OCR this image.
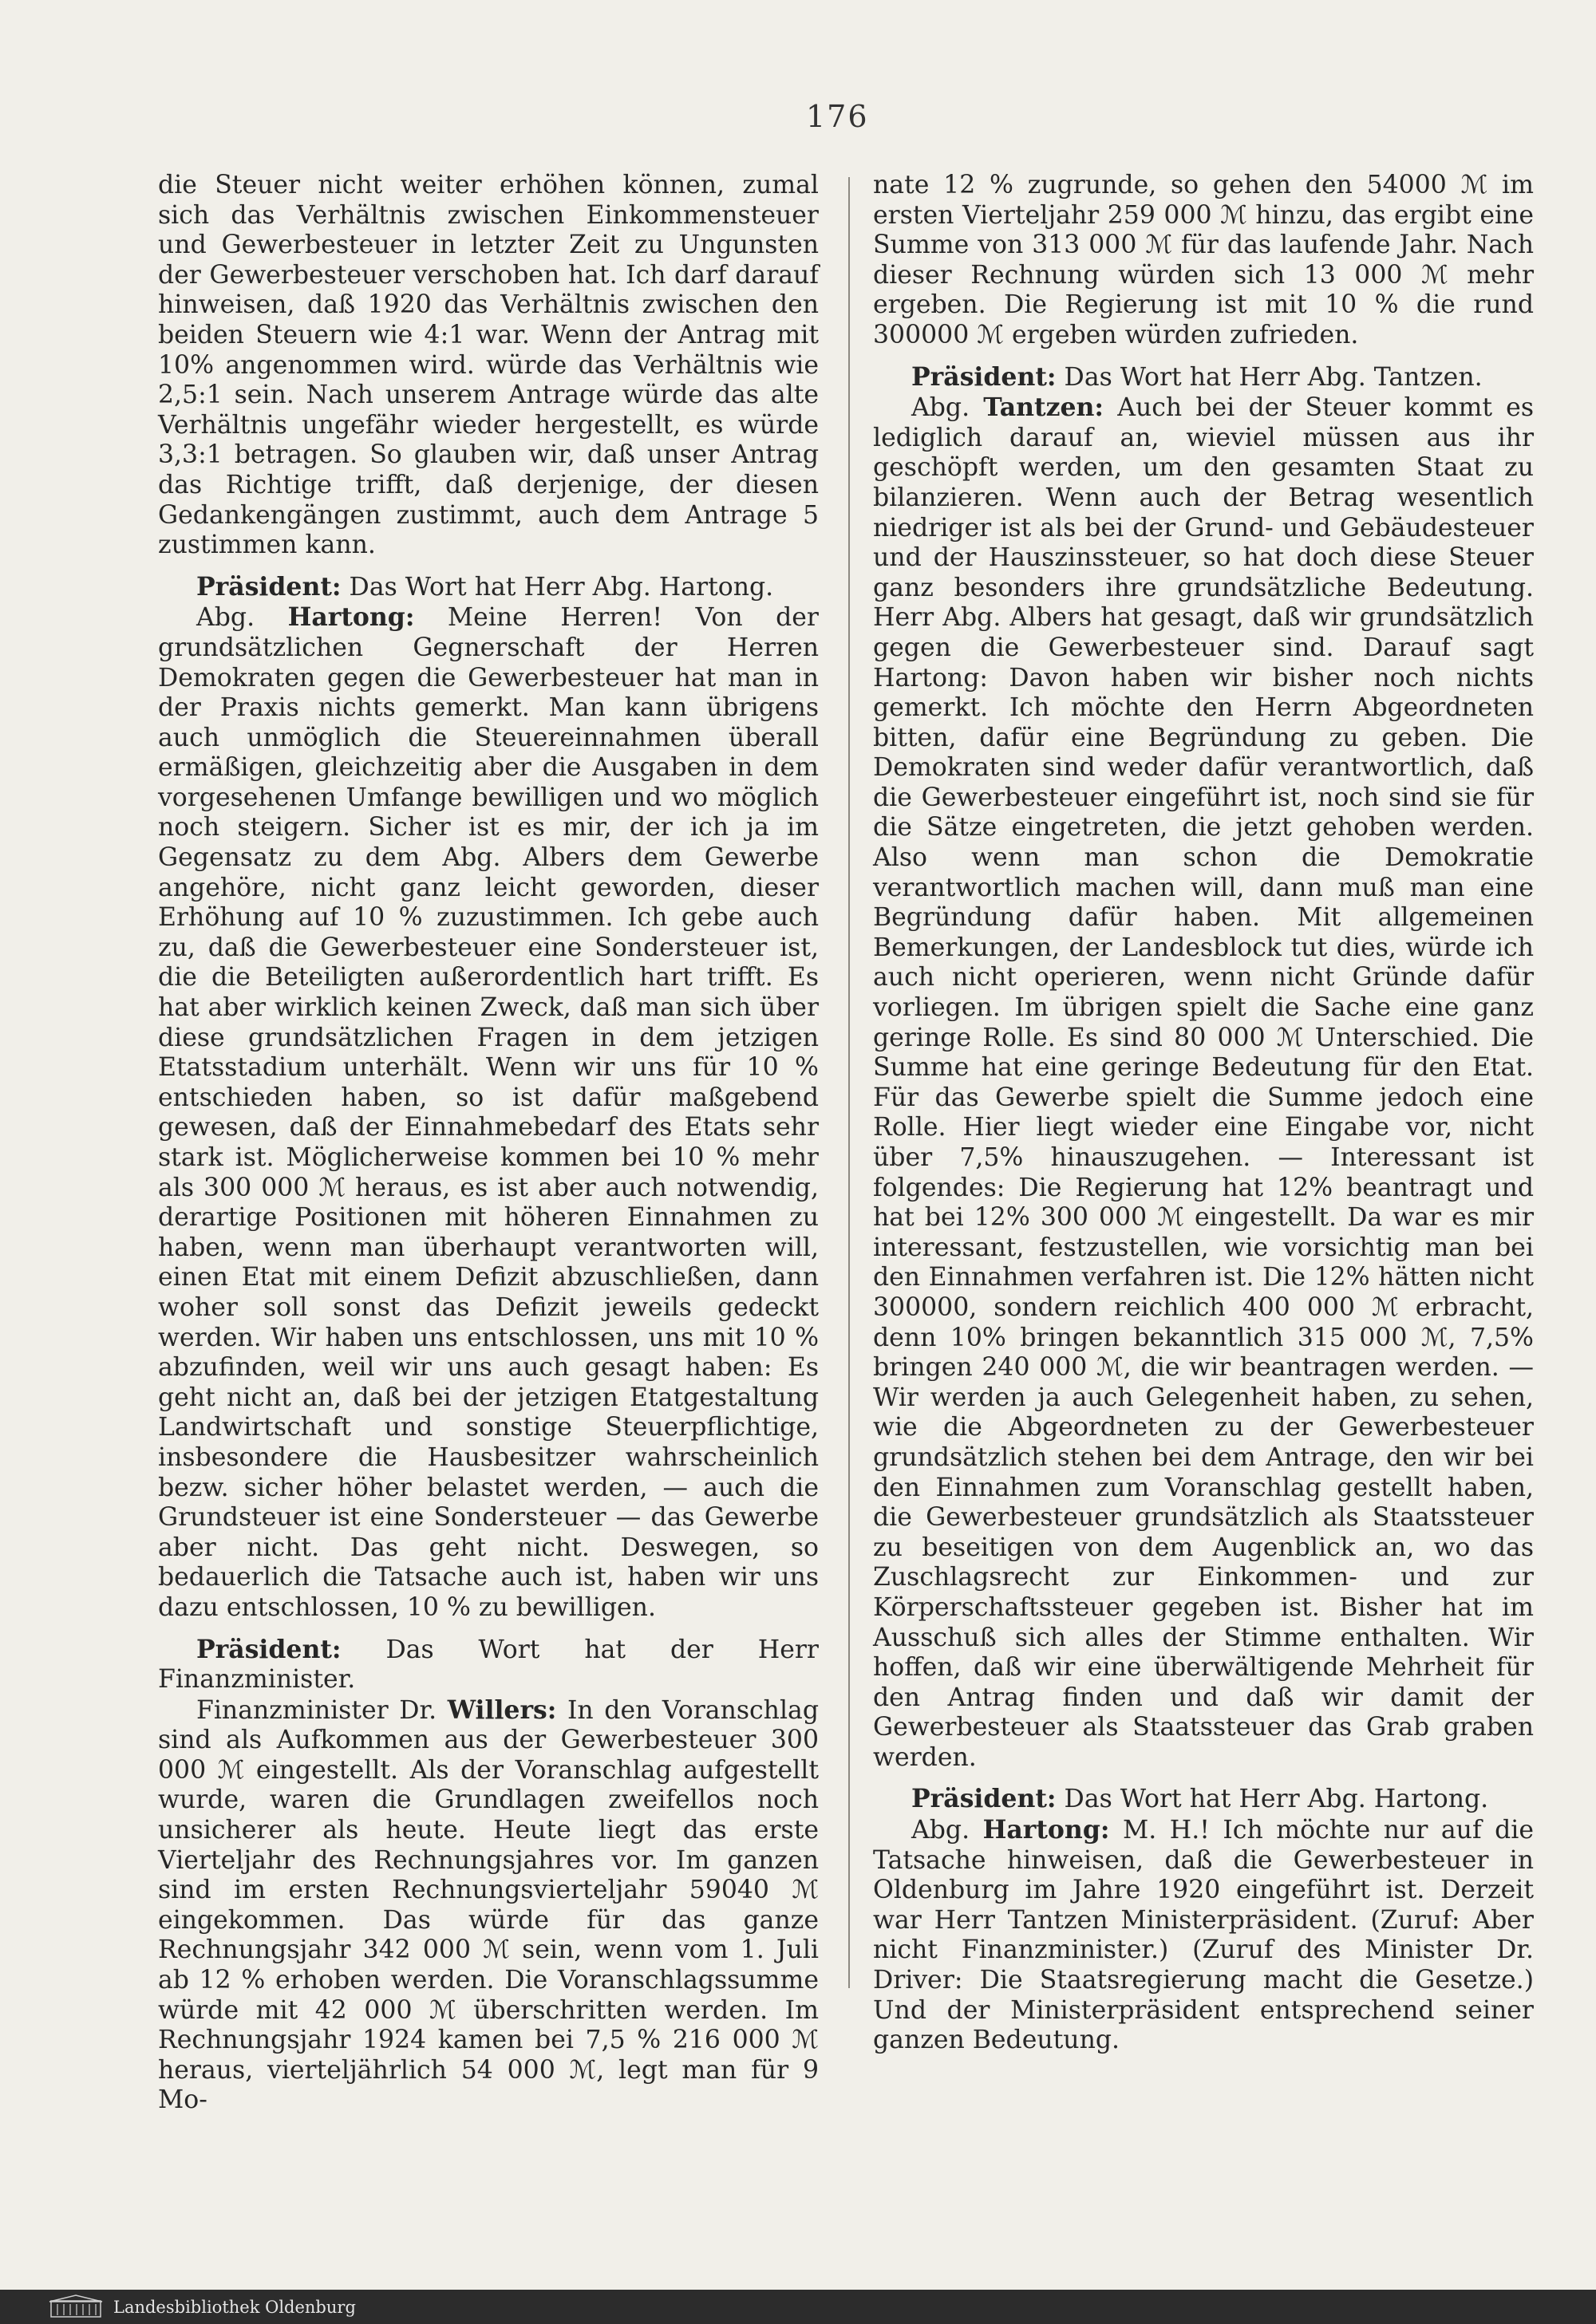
176

die Steuer nicht weiter erhöhen können, zumal sich das Verhältnis zwischen Einkommensteuer und Gewerbesteuer in letzter Zeit zu Ungunsten der Gewerbesteuer verschoben hat. Ich darf darauf hinweisen, daß 1920 das Verhältnis zwischen den beiden Steuern wie 4:1 war. Wenn der Antrag mit 10% angenommen wird. würde das Verhältnis wie 2,5:1 sein. Nach unserem Antrage würde das alte Verhältnis ungefähr wieder hergestellt, es würde 3,3:1 betragen. So glauben wir, daß unser Antrag das Richtige trifft, daß derjenige, der diesen Gedankengängen zustimmt, auch dem Antrage 5 zustimmen kann.

Präsident: Das Wort hat Herr Abg. Hartong.

Abg. Hartong: Meine Herren! Von der grundsätzlichen Gegnerschaft der Herren Demokraten gegen die Gewerbesteuer hat man in der Praxis nichts gemerkt. Man kann übrigens auch unmöglich die Steuereinnahmen überall ermäßigen, gleichzeitig aber die Ausgaben in dem vorgesehenen Umfange bewilligen und wo möglich noch steigern. Sicher ist es mir, der ich ja im Gegensatz zu dem Abg. Albers dem Gewerbe angehöre, nicht ganz leicht geworden, dieser Erhöhung auf 10 % zuzustimmen. Ich gebe auch zu, daß die Gewerbesteuer eine Sondersteuer ist, die die Beteiligten außerordentlich hart trifft. Es hat aber wirklich keinen Zweck, daß man sich über diese grundsätzlichen Fragen in dem jetzigen Etatsstadium unterhält. Wenn wir uns für 10 % entschieden haben, so ist dafür maßgebend gewesen, daß der Einnahmebedarf des Etats sehr stark ist. Möglicherweise kommen bei 10 % mehr als 300 000 ℳ heraus, es ist aber auch notwendig, derartige Positionen mit höheren Einnahmen zu haben, wenn man überhaupt verantworten will, einen Etat mit einem Defizit abzuschließen, dann woher soll sonst das Defizit jeweils gedeckt werden. Wir haben uns entschlossen, uns mit 10 % abzufinden, weil wir uns auch gesagt haben: Es geht nicht an, daß bei der jetzigen Etatgestaltung Landwirtschaft und sonstige Steuerpflichtige, insbesondere die Hausbesitzer wahrscheinlich bezw. sicher höher belastet werden, — auch die Grundsteuer ist eine Sondersteuer — das Gewerbe aber nicht. Das geht nicht. Deswegen, so bedauerlich die Tatsache auch ist, haben wir uns dazu entschlossen, 10 % zu bewilligen.

Präsident: Das Wort hat der Herr Finanzminister.

Finanzminister Dr. Willers: In den Voranschlag sind als Aufkommen aus der Gewerbesteuer 300 000 ℳ eingestellt. Als der Voranschlag aufgestellt wurde, waren die Grundlagen zweifellos noch unsicherer als heute. Heute liegt das erste Vierteljahr des Rechnungsjahres vor. Im ganzen sind im ersten Rechnungsvierteljahr 59040 ℳ eingekommen. Das würde für das ganze Rechnungsjahr 342 000 ℳ sein, wenn vom 1. Juli ab 12 % erhoben werden. Die Voranschlagssumme würde mit 42 000 ℳ überschritten werden. Im Rechnungsjahr 1924 kamen bei 7,5 % 216 000 ℳ heraus, vierteljährlich 54 000 ℳ, legt man für 9 Mo-

nate 12 % zugrunde, so gehen den 54000 ℳ im ersten Vierteljahr 259 000 ℳ hinzu, das ergibt eine Summe von 313 000 ℳ für das laufende Jahr. Nach dieser Rechnung würden sich 13 000 ℳ mehr ergeben. Die Regierung ist mit 10 % die rund 300000 ℳ ergeben würden zufrieden.

Präsident: Das Wort hat Herr Abg. Tantzen.

Abg. Tantzen: Auch bei der Steuer kommt es lediglich darauf an, wieviel müssen aus ihr geschöpft werden, um den gesamten Staat zu bilanzieren. Wenn auch der Betrag wesentlich niedriger ist als bei der Grund- und Gebäudesteuer und der Hauszinssteuer, so hat doch diese Steuer ganz besonders ihre grundsätzliche Bedeutung. Herr Abg. Albers hat gesagt, daß wir grundsätzlich gegen die Gewerbesteuer sind. Darauf sagt Hartong: Davon haben wir bisher noch nichts gemerkt. Ich möchte den Herrn Abgeordneten bitten, dafür eine Begründung zu geben. Die Demokraten sind weder dafür verantwortlich, daß die Gewerbesteuer eingeführt ist, noch sind sie für die Sätze eingetreten, die jetzt gehoben werden. Also wenn man schon die Demokratie verantwortlich machen will, dann muß man eine Begründung dafür haben. Mit allgemeinen Bemerkungen, der Landesblock tut dies, würde ich auch nicht operieren, wenn nicht Gründe dafür vorliegen. Im übrigen spielt die Sache eine ganz geringe Rolle. Es sind 80 000 ℳ Unterschied. Die Summe hat eine geringe Bedeutung für den Etat. Für das Gewerbe spielt die Summe jedoch eine Rolle. Hier liegt wieder eine Eingabe vor, nicht über 7,5% hinauszugehen. — Interessant ist folgendes: Die Regierung hat 12% beantragt und hat bei 12% 300 000 ℳ eingestellt. Da war es mir interessant, festzustellen, wie vorsichtig man bei den Einnahmen verfahren ist. Die 12% hätten nicht 300000, sondern reichlich 400 000 ℳ erbracht, denn 10% bringen bekanntlich 315 000 ℳ, 7,5% bringen 240 000 ℳ, die wir beantragen werden. — Wir werden ja auch Gelegenheit haben, zu sehen, wie die Abgeordneten zu der Gewerbesteuer grundsätzlich stehen bei dem Antrage, den wir bei den Einnahmen zum Voranschlag gestellt haben, die Gewerbesteuer grundsätzlich als Staatssteuer zu beseitigen von dem Augenblick an, wo das Zuschlagsrecht zur Einkommen- und zur Körperschaftssteuer gegeben ist. Bisher hat im Ausschuß sich alles der Stimme enthalten. Wir hoffen, daß wir eine überwältigende Mehrheit für den Antrag finden und daß wir damit der Gewerbesteuer als Staatssteuer das Grab graben werden.

Präsident: Das Wort hat Herr Abg. Hartong.

Abg. Hartong: M. H.! Ich möchte nur auf die Tatsache hinweisen, daß die Gewerbesteuer in Oldenburg im Jahre 1920 eingeführt ist. Derzeit war Herr Tantzen Ministerpräsident. (Zuruf: Aber nicht Finanzminister.) (Zuruf des Minister Dr. Driver: Die Staatsregierung macht die Gesetze.) Und der Ministerpräsident entsprechend seiner ganzen Bedeutung.

Landesbibliothek Oldenburg
